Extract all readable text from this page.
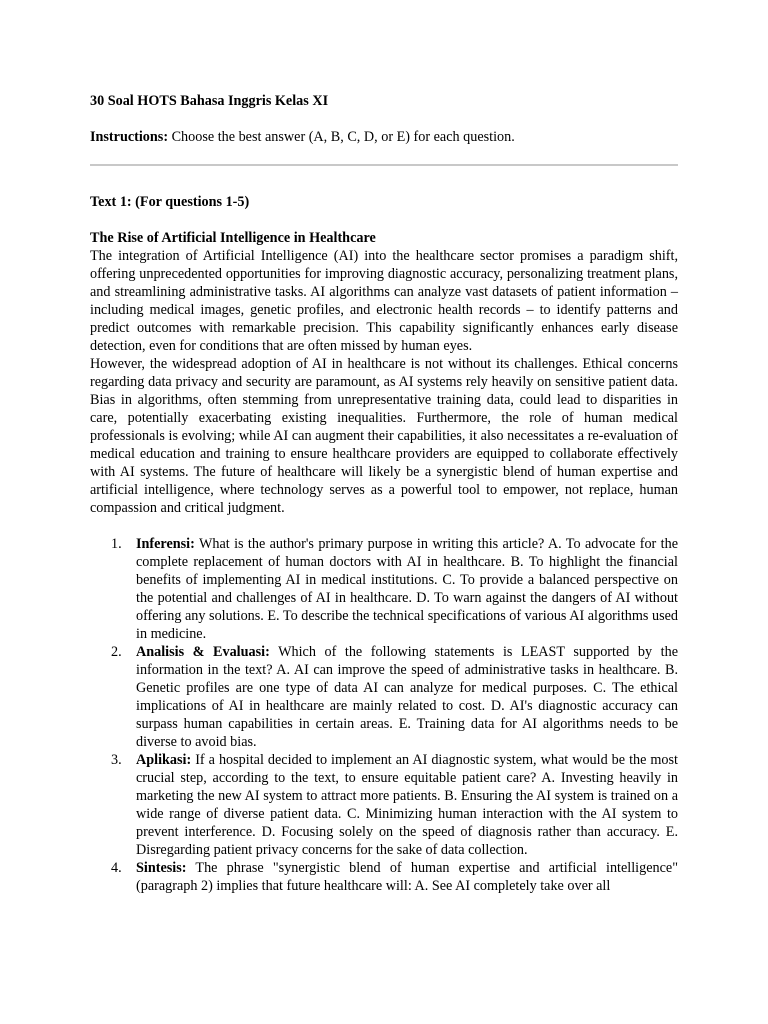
30 Soal HOTS Bahasa Inggris Kelas XI

Instructions: Choose the best answer (A, B, C, D, or E) for each question.

Text 1: (For questions 1-5)

The Rise of Artificial Intelligence in Healthcare

The integration of Artificial Intelligence (AI) into the healthcare sector promises a paradigm shift, offering unprecedented opportunities for improving diagnostic accuracy, personalizing treatment plans, and streamlining administrative tasks. AI algorithms can analyze vast datasets of patient information – including medical images, genetic profiles, and electronic health records – to identify patterns and predict outcomes with remarkable precision. This capability significantly enhances early disease detection, even for conditions that are often missed by human eyes.

However, the widespread adoption of AI in healthcare is not without its challenges. Ethical concerns regarding data privacy and security are paramount, as AI systems rely heavily on sensitive patient data. Bias in algorithms, often stemming from unrepresentative training data, could lead to disparities in care, potentially exacerbating existing inequalities. Furthermore, the role of human medical professionals is evolving; while AI can augment their capabilities, it also necessitates a re-evaluation of medical education and training to ensure healthcare providers are equipped to collaborate effectively with AI systems. The future of healthcare will likely be a synergistic blend of human expertise and artificial intelligence, where technology serves as a powerful tool to empower, not replace, human compassion and critical judgment.

1. Inferensi: What is the author's primary purpose in writing this article? A. To advocate for the complete replacement of human doctors with AI in healthcare. B. To highlight the financial benefits of implementing AI in medical institutions. C. To provide a balanced perspective on the potential and challenges of AI in healthcare. D. To warn against the dangers of AI without offering any solutions. E. To describe the technical specifications of various AI algorithms used in medicine.
2. Analisis & Evaluasi: Which of the following statements is LEAST supported by the information in the text? A. AI can improve the speed of administrative tasks in healthcare. B. Genetic profiles are one type of data AI can analyze for medical purposes. C. The ethical implications of AI in healthcare are mainly related to cost. D. AI's diagnostic accuracy can surpass human capabilities in certain areas. E. Training data for AI algorithms needs to be diverse to avoid bias.
3. Aplikasi: If a hospital decided to implement an AI diagnostic system, what would be the most crucial step, according to the text, to ensure equitable patient care? A. Investing heavily in marketing the new AI system to attract more patients. B. Ensuring the AI system is trained on a wide range of diverse patient data. C. Minimizing human interaction with the AI system to prevent interference. D. Focusing solely on the speed of diagnosis rather than accuracy. E. Disregarding patient privacy concerns for the sake of data collection.
4. Sintesis: The phrase "synergistic blend of human expertise and artificial intelligence" (paragraph 2) implies that future healthcare will: A. See AI completely take over all
